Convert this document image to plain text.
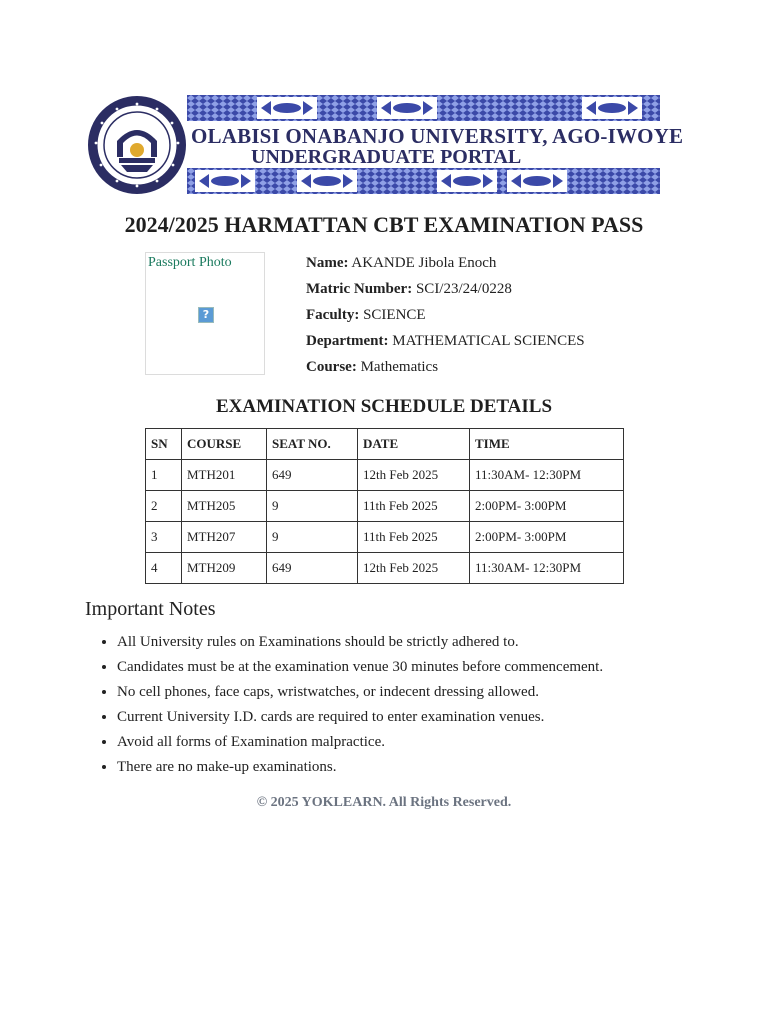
OLABISI ONABANJO UNIVERSITY, AGO-IWOYE
UNDERGRADUATE PORTAL
2024/2025 HARMATTAN CBT EXAMINATION PASS
Passport Photo
?
Name: AKANDE Jibola Enoch
Matric Number: SCI/23/24/0228
Faculty: SCIENCE
Department: MATHEMATICAL SCIENCES
Course: Mathematics
EXAMINATION SCHEDULE DETAILS
SN	COURSE	SEAT NO.	DATE	TIME
1	MTH201	649	12th Feb 2025	11:30AM- 12:30PM
2	MTH205	9	11th Feb 2025	2:00PM- 3:00PM
3	MTH207	9	11th Feb 2025	2:00PM- 3:00PM
4	MTH209	649	12th Feb 2025	11:30AM- 12:30PM
Important Notes
• All University rules on Examinations should be strictly adhered to.
• Candidates must be at the examination venue 30 minutes before commencement.
• No cell phones, face caps, wristwatches, or indecent dressing allowed.
• Current University I.D. cards are required to enter examination venues.
• Avoid all forms of Examination malpractice.
• There are no make-up examinations.
© 2025 YOKLEARN. All Rights Reserved.
